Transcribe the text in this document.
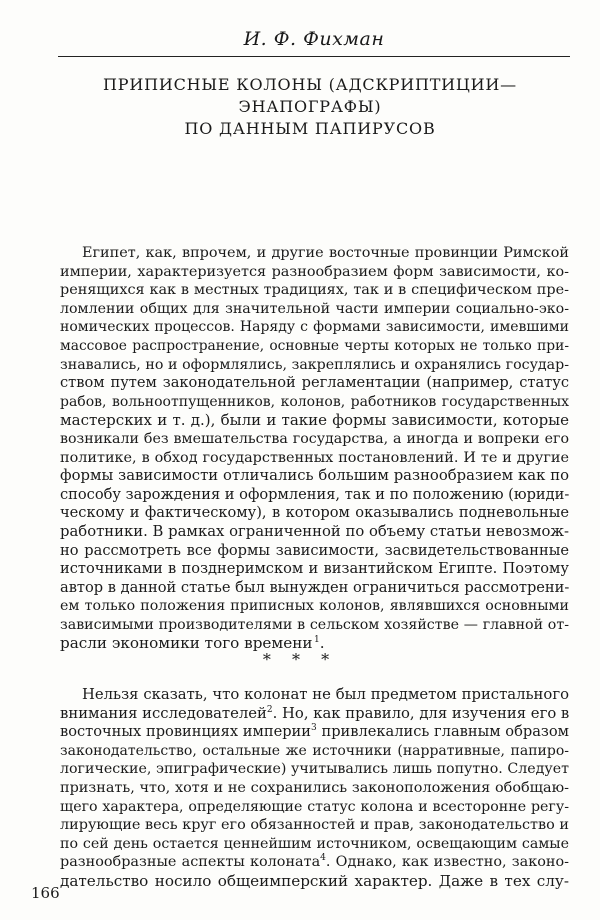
И. Ф. Фихман
ПРИПИСНЫЕ КОЛОНЫ (АДСКРИПТИЦИИ—
ЭНАПОГРАФЫ)
ПО ДАННЫМ ПАПИРУСОВ
Египет, как, впрочем, и другие восточные провинции Римской
империи, характеризуется разнообразием форм зависимости, ко-
ренящихся как в местных традициях, так и в специфическом пре-
ломлении общих для значительной части империи социально-эко-
номических процессов. Наряду с формами зависимости, имевшими
массовое распространение, основные черты которых не только при-
знавались, но и оформлялись, закреплялись и охранялись государ-
ством путем законодательной регламентации (например, статус
рабов, вольноотпущенников, колонов, работников государственных
мастерских и т. д.), были и такие формы зависимости, которые
возникали без вмешательства государства, а иногда и вопреки его
политике, в обход государственных постановлений. И те и другие
формы зависимости отличались большим разнообразием как по
способу зарождения и оформления, так и по положению (юриди-
ческому и фактическому), в котором оказывались подневольные
работники. В рамках ограниченной по объему статьи невозмож-
но рассмотреть все формы зависимости, засвидетельствованные
источниками в позднеримском и византийском Египте. Поэтому
автор в данной статье был вынужден ограничиться рассмотрени-
ем только положения приписных колонов, являвшихся основными
зависимыми производителями в сельском хозяйстве — главной от-
расли экономики того времени  $^1$.
* * *
Нельзя сказать, что колонат не был предметом пристального
внимания исследователей$^2$. Но, как правило, для изучения его в
восточных провинциях империи$^3$ привлекались главным образом
законодательство, остальные же источники (нарративные, папиро-
логические, эпиграфические) учитывались лишь попутно. Следует
признать, что, хотя и не сохранились законоположения обобщаю-
щего характера, определяющие статус колона и всесторонне регу-
лирующие весь круг его обязанностей и прав, законодательство и
по сей день остается ценнейшим источником, освещающим самые
разнообразные аспекты колоната$^4$. Однако, как известно, законо-
дательство носило общеимперский характер. Даже в тех слу-
166
